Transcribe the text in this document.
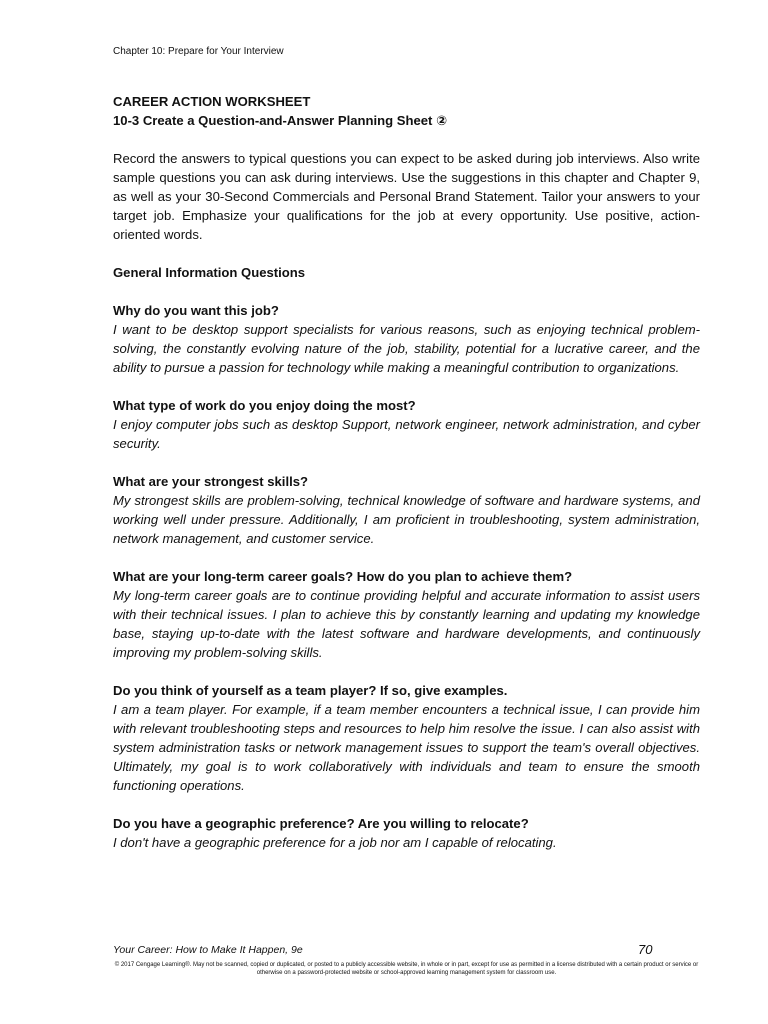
Chapter 10: Prepare for Your Interview
CAREER ACTION WORKSHEET
10-3 Create a Question-and-Answer Planning Sheet ②

Record the answers to typical questions you can expect to be asked during job interviews. Also write sample questions you can ask during interviews. Use the suggestions in this chapter and Chapter 9, as well as your 30-Second Commercials and Personal Brand Statement. Tailor your answers to your target job. Emphasize your qualifications for the job at every opportunity. Use positive, action-oriented words.

General Information Questions
Why do you want this job?
I want to be desktop support specialists for various reasons, such as enjoying technical problem-solving, the constantly evolving nature of the job, stability, potential for a lucrative career, and the ability to pursue a passion for technology while making a meaningful contribution to organizations.
What type of work do you enjoy doing the most?
I enjoy computer jobs such as desktop Support, network engineer, network administration, and cyber security.
What are your strongest skills?
My strongest skills are problem-solving, technical knowledge of software and hardware systems, and working well under pressure. Additionally, I am proficient in troubleshooting, system administration, network management, and customer service.
What are your long-term career goals? How do you plan to achieve them?
My long-term career goals are to continue providing helpful and accurate information to assist users with their technical issues. I plan to achieve this by constantly learning and updating my knowledge base, staying up-to-date with the latest software and hardware developments, and continuously improving my problem-solving skills.
Do you think of yourself as a team player? If so, give examples.
I am a team player. For example, if a team member encounters a technical issue, I can provide him with relevant troubleshooting steps and resources to help him resolve the issue. I can also assist with system administration tasks or network management issues to support the team's overall objectives. Ultimately, my goal is to work collaboratively with individuals and team to ensure the smooth functioning operations.
Do you have a geographic preference? Are you willing to relocate?
I don't have a geographic preference for a job nor am I capable of relocating.
Your Career: How to Make It Happen, 9e	70
© 2017 Cengage Learning®. May not be scanned, copied or duplicated, or posted to a publicly accessible website, in whole or in part, except for use as permitted in a license distributed with a certain product or service or otherwise on a password-protected website or school-approved learning management system for classroom use.
